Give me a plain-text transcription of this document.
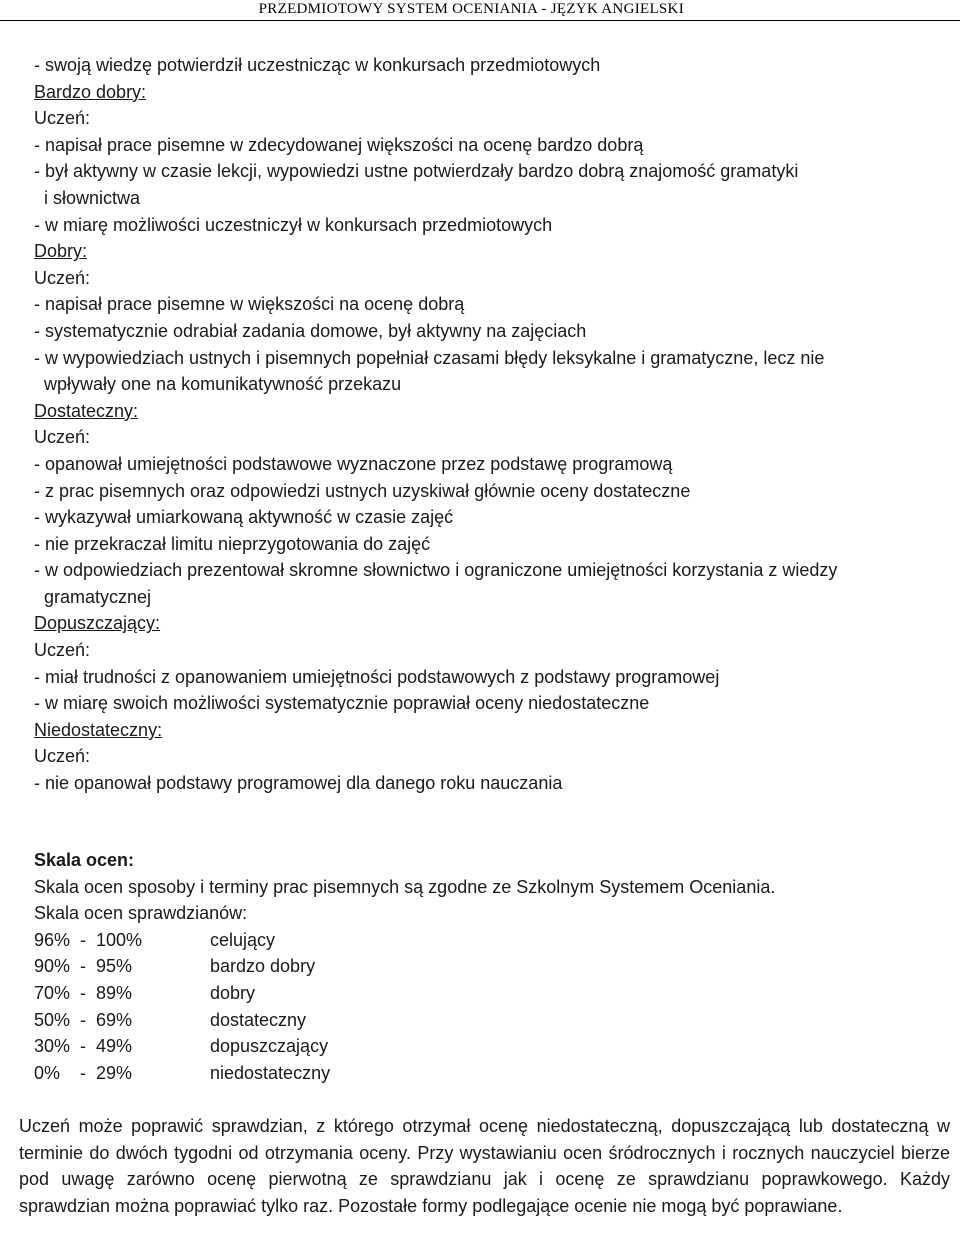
PRZEDMIOTOWY SYSTEM OCENIANIA - JĘZYK ANGIELSKI

- swoją wiedzę potwierdził uczestnicząc w konkursach przedmiotowych

Bardzo dobry:

Uczeń:

- napisał prace pisemne w zdecydowanej większości na ocenę bardzo dobrą

- był aktywny w czasie lekcji, wypowiedzi ustne potwierdzały bardzo dobrą znajomość gramatyki

i słownictwa

- w miarę możliwości uczestniczył w konkursach przedmiotowych

Dobry:

Uczeń:

- napisał prace pisemne w większości na ocenę dobrą

- systematycznie odrabiał zadania domowe, był aktywny na zajęciach

- w wypowiedziach ustnych i pisemnych popełniał czasami błędy leksykalne i gramatyczne, lecz nie

wpływały one na komunikatywność przekazu

Dostateczny:

Uczeń:

- opanował umiejętności podstawowe wyznaczone przez podstawę programową

- z prac pisemnych oraz odpowiedzi ustnych uzyskiwał głównie oceny dostateczne

- wykazywał umiarkowaną aktywność w czasie zajęć

- nie przekraczał limitu nieprzygotowania do zajęć

- w odpowiedziach prezentował skromne słownictwo i ograniczone umiejętności korzystania z wiedzy

gramatycznej

Dopuszczający:

Uczeń:

- miał trudności z opanowaniem umiejętności podstawowych z podstawy programowej

- w miarę swoich możliwości systematycznie poprawiał oceny niedostateczne

Niedostateczny:

Uczeń:

- nie opanował podstawy programowej dla danego roku nauczania

Skala ocen:

Skala ocen sposoby i terminy prac pisemnych są zgodne ze Szkolnym Systemem Oceniania.

Skala ocen sprawdzianów:

96%  -  100%	celujący
90%  -  95%	bardzo dobry
70%  -  89%	dobry
50%  -  69%	dostateczny
30%  -  49%	dopuszczający
0%    -  29%	niedostateczny

Uczeń może poprawić sprawdzian, z którego otrzymał ocenę niedostateczną, dopuszczającą lub dostateczną w terminie do dwóch tygodni od otrzymania oceny. Przy wystawianiu ocen śródrocznych i rocznych nauczyciel bierze pod uwagę zarówno ocenę pierwotną ze sprawdzianu jak i ocenę ze sprawdzianu poprawkowego. Każdy sprawdzian można poprawiać tylko raz. Pozostałe formy podlegające ocenie nie mogą być poprawiane.
